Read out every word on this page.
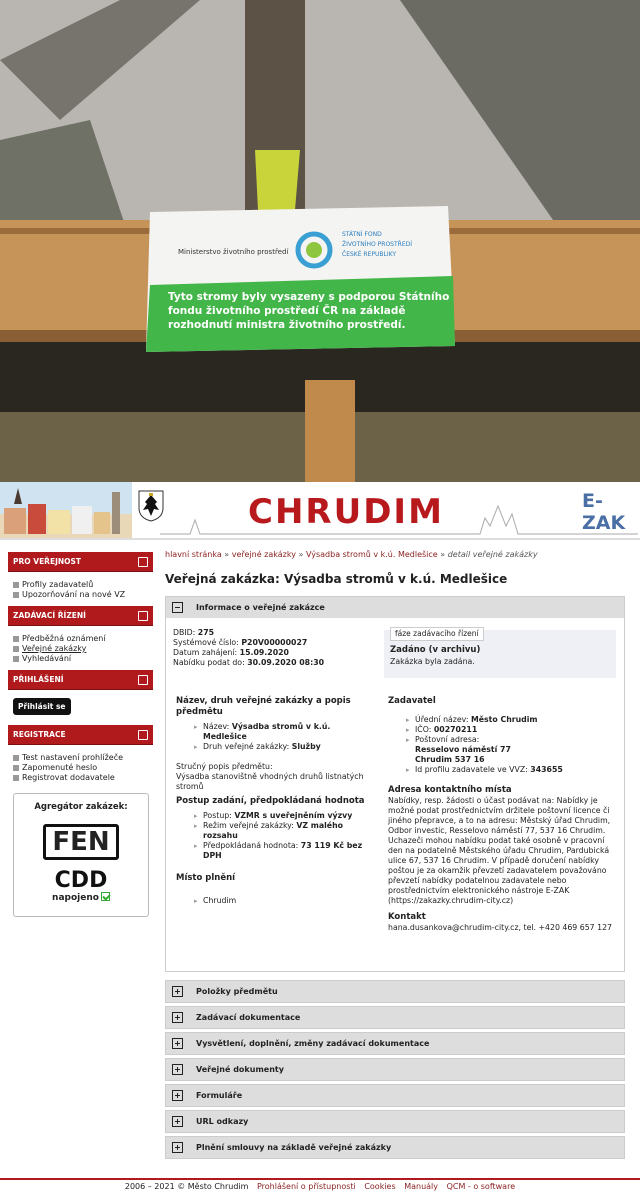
Ministerstvo životního prostředí
STÁTNÍ FOND
ŽIVOTNÍHO PROSTŘEDÍ
ČESKÉ REPUBLIKY
Tyto stromy byly vysazeny s podporou Státního
fondu životního prostředí ČR na základě
rozhodnutí ministra životního prostředí.
CHRUDIM	E-ZAK
PRO VEŘEJNOST
Profily zadavatelů
Upozorňování na nové VZ
ZADÁVACÍ ŘÍZENÍ
Předběžná oznámení
Veřejné zakázky
Vyhledávání
PŘIHLÁŠENÍ
Přihlásit se
REGISTRACE
Test nastavení prohlížeče
Zapomenuté heslo
Registrovat dodavatele
Agregátor zakázek:
FEN
CDD
napojeno
hlavní stránka » veřejné zakázky » Výsadba stromů v k.ú. Medlešice » detail veřejné zakázky
Veřejná zakázka: Výsadba stromů v k.ú. Medlešice
Informace o veřejné zakázce
DBID: 275
Systémové číslo: P20V00000027
Datum zahájení: 15.09.2020
Nabídku podat do: 30.09.2020 08:30
fáze zadávacího řízení
Zadáno (v archivu)
Zakázka byla zadána.
Název, druh veřejné zakázky a popis předmětu
▸ Název: Výsadba stromů v k.ú. Medlešice
▸ Druh veřejné zakázky: Služby
Stručný popis předmětu:
Výsadba stanovištně vhodných druhů listnatých stromů
Postup zadání, předpokládaná hodnota
▸ Postup: VZMR s uveřejněním výzvy
▸ Režim veřejné zakázky: VZ malého rozsahu
▸ Předpokládaná hodnota: 73 119 Kč bez DPH
Místo plnění
▸ Chrudim
Zadavatel
▸ Úřední název: Město Chrudim
▸ IČO: 00270211
▸ Poštovní adresa:
Resselovo náměstí 77
Chrudim 537 16
▸ Id profilu zadavatele ve VVZ: 343655
Adresa kontaktního místa
Nabídky, resp. žádosti o účast podávat na: Nabídky je možné podat prostřednictvím držitele poštovní licence či jiného přepravce, a to na adresu: Městský úřad Chrudim, Odbor investic, Resselovo náměstí 77, 537 16 Chrudim. Uchazeči mohou nabídku podat také osobně v pracovní den na podatelně Městského úřadu Chrudim, Pardubická ulice 67, 537 16 Chrudim. V případě doručení nabídky poštou je za okamžik převzetí zadavatelem považováno převzetí nabídky podatelnou zadavatele nebo prostřednictvím elektronického nástroje E-ZAK (https://zakazky.chrudim-city.cz)
Kontakt
hana.dusankova@chrudim-city.cz, tel. +420 469 657 127
Položky předmětu
Zadávací dokumentace
Vysvětlení, doplnění, změny zadávací dokumentace
Veřejné dokumenty
Formuláře
URL odkazy
Plnění smlouvy na základě veřejné zakázky
2006 – 2021 © Město Chrudim Prohlášení o přístupnosti Cookies Manuály QCM - o software
